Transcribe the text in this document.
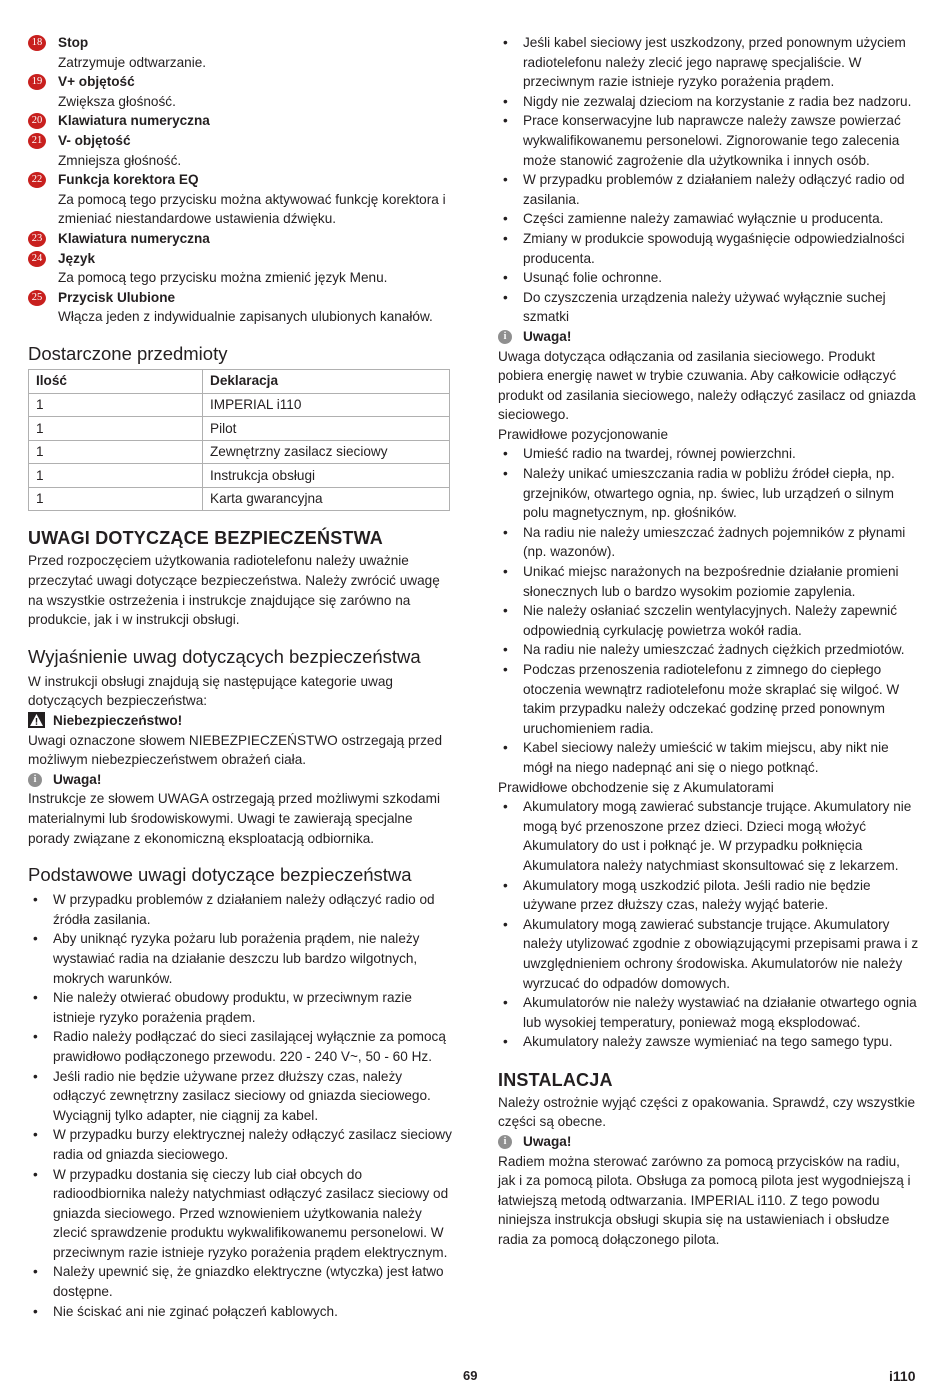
18 Stop
Zatrzymuje odtwarzanie.
19 V+ objętość
Zwiększa głośność.
20 Klawiatura numeryczna
21 V- objętość
Zmniejsza głośność.
22 Funkcja korektora EQ
Za pomocą tego przycisku można aktywować funkcję korektora i zmieniać niestandardowe ustawienia dźwięku.
23 Klawiatura numeryczna
24 Język
Za pomocą tego przycisku można zmienić język Menu.
25 Przycisk Ulubione
Włącza jeden z indywidualnie zapisanych ulubionych kanałów.
Dostarczone przedmioty
Ilość	Deklaracja
1	IMPERIAL i110
1	Pilot
1	Zewnętrzny zasilacz sieciowy
1	Instrukcja obsługi
1	Karta gwarancyjna
UWAGI DOTYCZĄCE BEZPIECZEŃSTWA

Przed rozpoczęciem użytkowania radiotelefonu należy uważnie przeczytać uwagi dotyczące bezpieczeństwa. Należy zwrócić uwagę na wszystkie ostrzeżenia i instrukcje znajdujące się zarówno na produkcie, jak i w instrukcji obsługi.

Wyjaśnienie uwag dotyczących bezpieczeństwa

W instrukcji obsługi znajdują się następujące kategorie uwag dotyczących bezpieczeństwa:

Niebezpieczeństwo!

Uwagi oznaczone słowem NIEBEZPIECZEŃSTWO ostrzegają przed możliwym niebezpieczeństwem obrażeń ciała.

i	Uwaga!

Instrukcje ze słowem UWAGA ostrzegają przed możliwymi szkodami materialnymi lub środowiskowymi. Uwagi te zawierają specjalne porady związane z ekonomiczną eksploatacją odbiornika.

Podstawowe uwagi dotyczące bezpieczeństwa
• W przypadku problemów z działaniem należy odłączyć radio od źródła zasilania.
• Aby uniknąć ryzyka pożaru lub porażenia prądem, nie należy wystawiać radia na działanie deszczu lub bardzo wilgotnych, mokrych warunków.
• Nie należy otwierać obudowy produktu, w przeciwnym razie istnieje ryzyko porażenia prądem.
• Radio należy podłączać do sieci zasilającej wyłącznie za pomocą prawidłowo podłączonego przewodu. 220 - 240 V~, 50 - 60 Hz.
• Jeśli radio nie będzie używane przez dłuższy czas, należy odłączyć zewnętrzny zasilacz sieciowy od gniazda sieciowego. Wyciągnij tylko adapter, nie ciągnij za kabel.
• W przypadku burzy elektrycznej należy odłączyć zasilacz sieciowy radia od gniazda sieciowego.
• W przypadku dostania się cieczy lub ciał obcych do radioodbiornika należy natychmiast odłączyć zasilacz sieciowy od gniazda sieciowego. Przed wznowieniem użytkowania należy zlecić sprawdzenie produktu wykwalifikowanemu personelowi. W przeciwnym razie istnieje ryzyko porażenia prądem elektrycznym.
• Należy upewnić się, że gniazdko elektryczne (wtyczka) jest łatwo dostępne.
• Nie ściskać ani nie zginać połączeń kablowych.
• Jeśli kabel sieciowy jest uszkodzony, przed ponownym użyciem radiotelefonu należy zlecić jego naprawę specjaliście. W przeciwnym razie istnieje ryzyko porażenia prądem.
• Nigdy nie zezwalaj dzieciom na korzystanie z radia bez nadzoru.
• Prace konserwacyjne lub naprawcze należy zawsze powierzać wykwalifikowanemu personelowi. Zignorowanie tego zalecenia może stanowić zagrożenie dla użytkownika i innych osób.
• W przypadku problemów z działaniem należy odłączyć radio od zasilania.
• Części zamienne należy zamawiać wyłącznie u producenta.
• Zmiany w produkcie spowodują wygaśnięcie odpowiedzialności producenta.
• Usunąć folie ochronne.
• Do czyszczenia urządzenia należy używać wyłącznie suchej szmatki
i	Uwaga!

Uwaga dotycząca odłączania od zasilania sieciowego. Produkt pobiera energię nawet w trybie czuwania. Aby całkowicie odłączyć produkt od zasilania sieciowego, należy odłączyć zasilacz od gniazda sieciowego.

Prawidłowe pozycjonowanie

• Umieść radio na twardej, równej powierzchni.
• Należy unikać umieszczania radia w pobliżu źródeł ciepła, np. grzejników, otwartego ognia, np. świec, lub urządzeń o silnym polu magnetycznym, np. głośników.
• Na radiu nie należy umieszczać żadnych pojemników z płynami (np. wazonów).
• Unikać miejsc narażonych na bezpośrednie działanie promieni słonecznych lub o bardzo wysokim poziomie zapylenia.
• Nie należy osłaniać szczelin wentylacyjnych. Należy zapewnić odpowiednią cyrkulację powietrza wokół radia.
• Na radiu nie należy umieszczać żadnych ciężkich przedmiotów.
• Podczas przenoszenia radiotelefonu z zimnego do ciepłego otoczenia wewnątrz radiotelefonu może skraplać się wilgoć. W takim przypadku należy odczekać godzinę przed ponownym uruchomieniem radia.
• Kabel sieciowy należy umieścić w takim miejscu, aby nikt nie mógł na niego nadepnąć ani się o niego potknąć.

Prawidłowe obchodzenie się z Akumulatorami

• Akumulatory mogą zawierać substancje trujące. Akumulatory nie mogą być przenoszone przez dzieci. Dzieci mogą włożyć Akumulatory do ust i połknąć je. W przypadku połknięcia Akumulatora należy natychmiast skonsultować się z lekarzem.
• Akumulatory mogą uszkodzić pilota. Jeśli radio nie będzie używane przez dłuższy czas, należy wyjąć baterie.
• Akumulatory mogą zawierać substancje trujące. Akumulatory należy utylizować zgodnie z obowiązującymi przepisami prawa i z uwzględnieniem ochrony środowiska. Akumulatorów nie należy wyrzucać do odpadów domowych.
• Akumulatorów nie należy wystawiać na działanie otwartego ognia lub wysokiej temperatury, ponieważ mogą eksplodować.
• Akumulatory należy zawsze wymieniać na tego samego typu.
INSTALACJA

Należy ostrożnie wyjąć części z opakowania. Sprawdź, czy wszystkie części są obecne.

i	Uwaga!

Radiem można sterować zarówno za pomocą przycisków na radiu, jak i za pomocą pilota. Obsługa za pomocą pilota jest wygodniejszą i łatwiejszą metodą odtwarzania. IMPERIAL i110. Z tego powodu niniejsza instrukcja obsługi skupia się na ustawieniach i obsłudze radia za pomocą dołączonego pilota.

69	i110
